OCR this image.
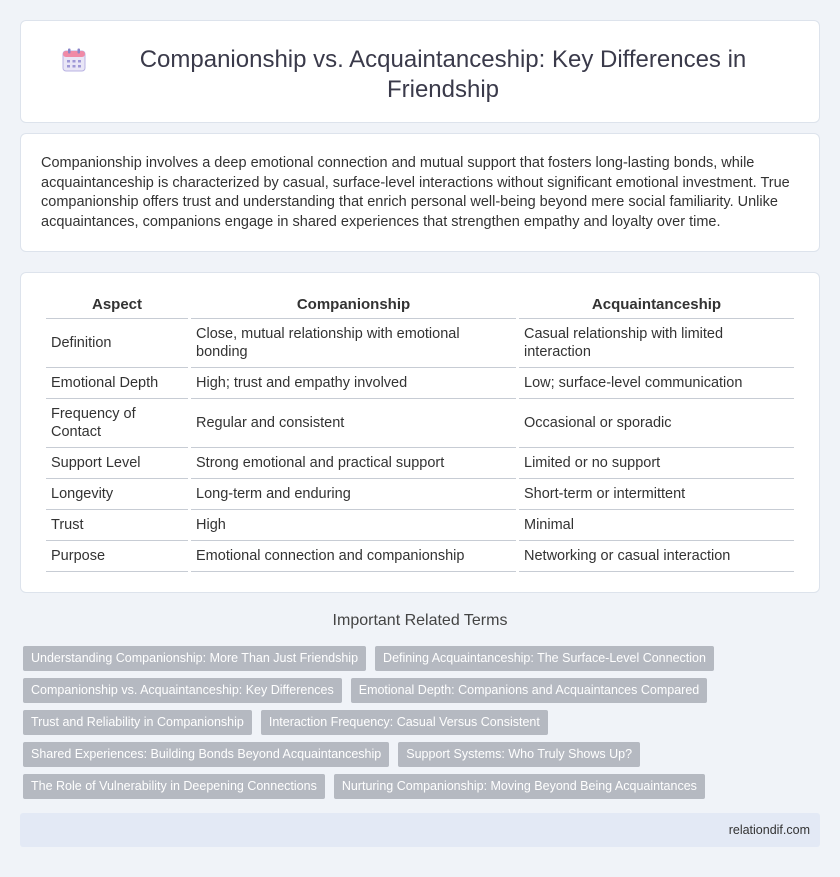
Companionship vs. Acquaintanceship: Key Differences in Friendship

Companionship involves a deep emotional connection and mutual support that fosters long-lasting bonds, while acquaintanceship is characterized by casual, surface-level interactions without significant emotional investment. True companionship offers trust and understanding that enrich personal well-being beyond mere social familiarity. Unlike acquaintances, companions engage in shared experiences that strengthen empathy and loyalty over time.

Aspect	Companionship	Acquaintanceship
Definition	Close, mutual relationship with emotional bonding	Casual relationship with limited interaction
Emotional Depth	High; trust and empathy involved	Low; surface-level communication
Frequency of Contact	Regular and consistent	Occasional or sporadic
Support Level	Strong emotional and practical support	Limited or no support
Longevity	Long-term and enduring	Short-term or intermittent
Trust	High	Minimal
Purpose	Emotional connection and companionship	Networking or casual interaction
Important Related Terms
Understanding Companionship: More Than Just Friendship	Defining Acquaintanceship: The Surface-Level Connection
Companionship vs. Acquaintanceship: Key Differences	Emotional Depth: Companions and Acquaintances Compared
Trust and Reliability in Companionship	Interaction Frequency: Casual Versus Consistent
Shared Experiences: Building Bonds Beyond Acquaintanceship	Support Systems: Who Truly Shows Up?
The Role of Vulnerability in Deepening Connections	Nurturing Companionship: Moving Beyond Being Acquaintances
relationdif.com
